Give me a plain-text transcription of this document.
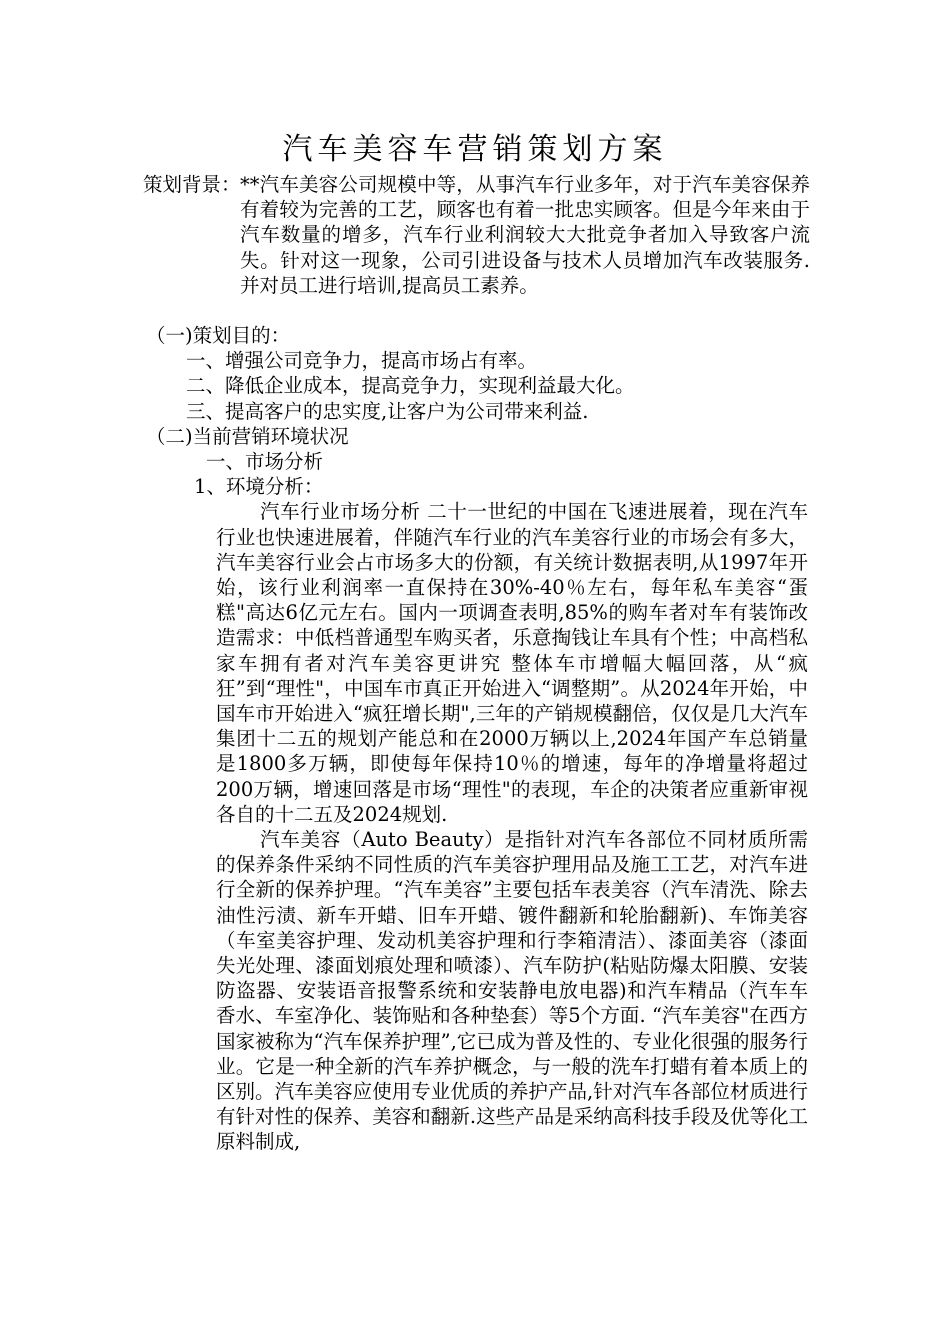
汽车美容车营销策划方案
策划背景： **汽车美容公司规模中等，从事汽车行业多年，对于汽车美容保养有着较为完善的工艺，顾客也有着一批忠实顾客。但是今年来由于汽车数量的增多，汽车行业利润较大大批竞争者加入导致客户流失。针对这一现象，公司引进设备与技术人员增加汽车改装服务.并对员工进行培训,提高员工素养。
（一)策划目的：
一、增强公司竞争力，提高市场占有率。
二、降低企业成本，提高竞争力，实现利益最大化。
三、提高客户的忠实度,让客户为公司带来利益.
（二)当前营销环境状况
一、市场分析
1、环境分析：

汽车行业市场分析 二十一世纪的中国在飞速进展着，现在汽车行业也快速进展着，伴随汽车行业的汽车美容行业的市场会有多大，汽车美容行业会占市场多大的份额，有关统计数据表明,从1997年开始，该行业利润率一直保持在30%-40％左右，每年私车美容“蛋糕"高达6亿元左右。国内一项调查表明,85%的购车者对车有装饰改造需求：中低档普通型车购买者，乐意掏钱让车具有个性；中高档私家车拥有者对汽车美容更讲究 整体车市增幅大幅回落，从“疯狂”到“理性"，中国车市真正开始进入“调整期”。从2024年开始，中国车市开始进入“疯狂增长期",三年的产销规模翻倍，仅仅是几大汽车集团十二五的规划产能总和在2000万辆以上,2024年国产车总销量是1800多万辆，即使每年保持10％的增速，每年的净增量将超过200万辆，增速回落是市场“理性"的表现，车企的决策者应重新审视各自的十二五及2024规划.

汽车美容（Auto Beauty）是指针对汽车各部位不同材质所需的保养条件采纳不同性质的汽车美容护理用品及施工工艺，对汽车进行全新的保养护理。“汽车美容”主要包括车表美容（汽车清洗、除去油性污渍、新车开蜡、旧车开蜡、镀件翻新和轮胎翻新)、车饰美容（车室美容护理、发动机美容护理和行李箱清洁）、漆面美容（漆面失光处理、漆面划痕处理和喷漆）、汽车防护(粘贴防爆太阳膜、安装防盗器、安装语音报警系统和安装静电放电器)和汽车精品（汽车车香水、车室净化、装饰贴和各种垫套）等5个方面. “汽车美容"在西方国家被称为“汽车保养护理”,它已成为普及性的、专业化很强的服务行业。它是一种全新的汽车养护概念，与一般的洗车打蜡有着本质上的区别。汽车美容应使用专业优质的养护产品,针对汽车各部位材质进行有针对性的保养、美容和翻新.这些产品是采纳高科技手段及优等化工原料制成,
